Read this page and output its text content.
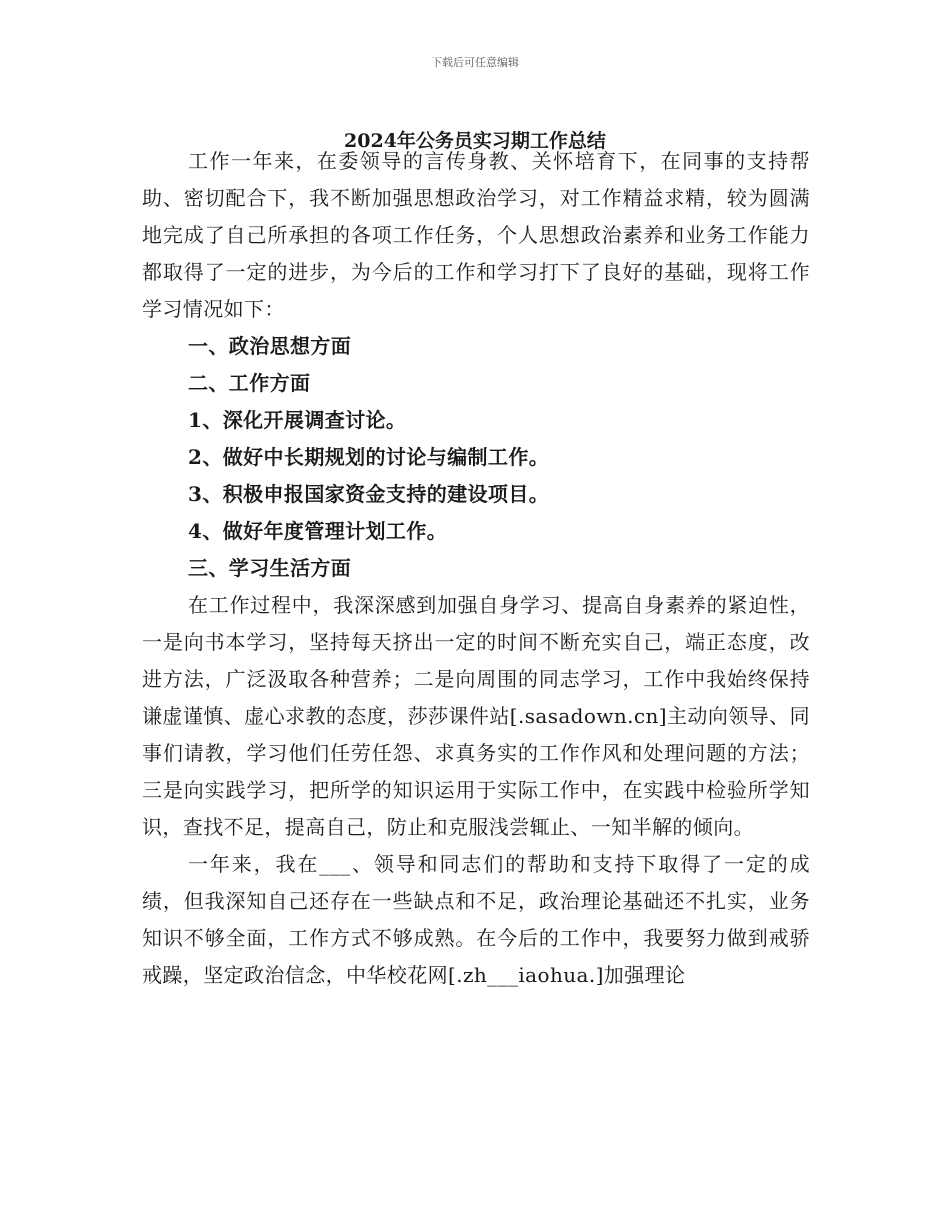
下载后可任意编辑
2024年公务员实习期工作总结

工作一年来，在委领导的言传身教、关怀培育下，在同事的支持帮助、密切配合下，我不断加强思想政治学习，对工作精益求精，较为圆满地完成了自己所承担的各项工作任务，个人思想政治素养和业务工作能力都取得了一定的进步，为今后的工作和学习打下了良好的基础，现将工作学习情况如下：

一、政治思想方面

二、工作方面

1、深化开展调查讨论。

2、做好中长期规划的讨论与编制工作。

3、积极申报国家资金支持的建设项目。

4、做好年度管理计划工作。

三、学习生活方面

在工作过程中，我深深感到加强自身学习、提高自身素养的紧迫性，一是向书本学习，坚持每天挤出一定的时间不断充实自己，端正态度，改进方法，广泛汲取各种营养；二是向周围的同志学习，工作中我始终保持谦虚谨慎、虚心求教的态度，莎莎课件站[.sasadown.cn]主动向领导、同事们请教，学习他们任劳任怨、求真务实的工作作风和处理问题的方法；三是向实践学习，把所学的知识运用于实际工作中，在实践中检验所学知识，查找不足，提高自己，防止和克服浅尝辄止、一知半解的倾向。

一年来，我在___、领导和同志们的帮助和支持下取得了一定的成绩，但我深知自己还存在一些缺点和不足，政治理论基础还不扎实，业务知识不够全面，工作方式不够成熟。在今后的工作中，我要努力做到戒骄戒躁，坚定政治信念，中华校花网[.zh___iaohua.]加强理论
